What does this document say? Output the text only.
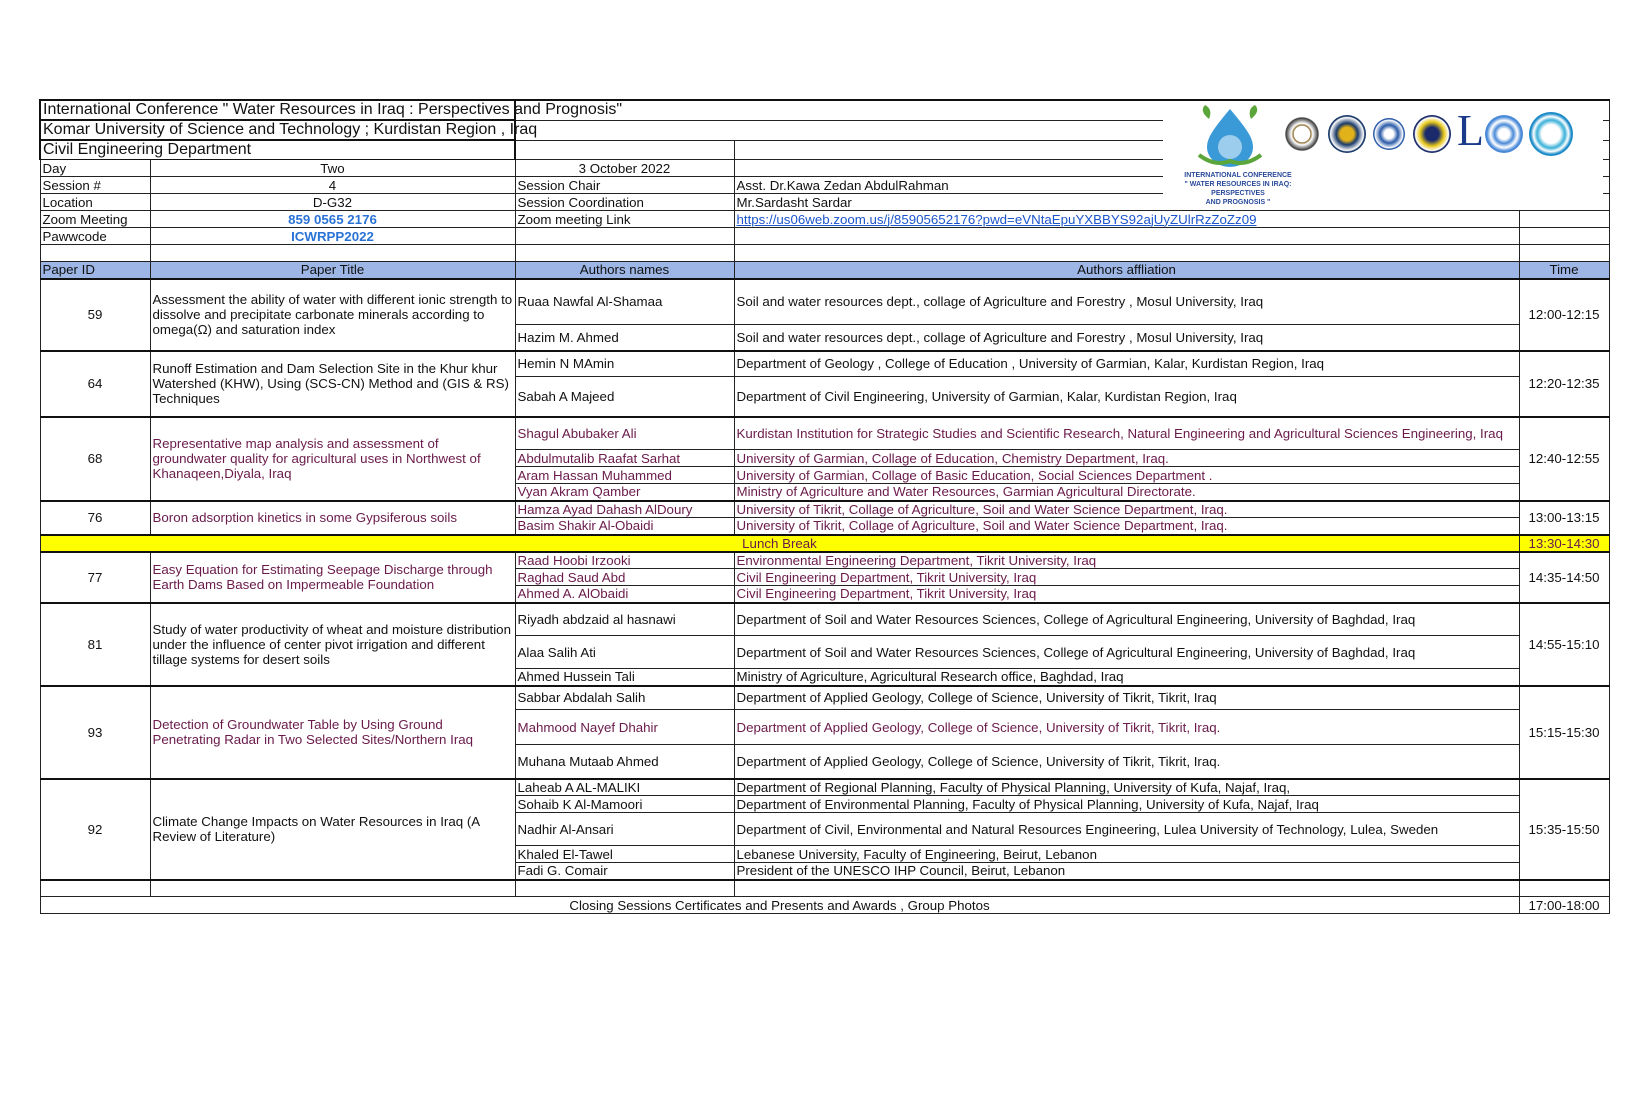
International Conference " Water Resources in Iraq : Perspectives and Prognosis"				
Komar University of Science and Technology ; Kurdistan Region , Iraq				
Civil Engineering Department				
Day	Two	3 October 2022		
Session #	4	Session Chair	Asst. Dr.Kawa Zedan AbdulRahman	
Location	D-G32	Session Coordination	Mr.Sardasht Sardar	
Zoom Meeting	859 0565 2176	Zoom meeting Link	https://us06web.zoom.us/j/85905652176?pwd=eVNtaEpuYXBBYS92ajUyZUlrRzZoZz09	
Pawwcode	ICWRPP2022			

Paper ID	Paper Title	Authors names	Authors affliation	Time
59	Assessment the ability of water with different ionic strength to dissolve and precipitate carbonate minerals according to omega(Ω) and saturation index	Ruaa Nawfal Al-Shamaa	Soil and water resources dept., collage of Agriculture and Forestry , Mosul University, Iraq	12:00-12:15
		Hazim M. Ahmed	Soil and water resources dept., collage of Agriculture and Forestry , Mosul University, Iraq	
64	Runoff Estimation and Dam Selection Site in the Khur khur Watershed (KHW), Using (SCS-CN) Method and (GIS & RS) Techniques	Hemin N MAmin	Department of Geology , College of Education , University of Garmian, Kalar, Kurdistan Region, Iraq	12:20-12:35
		Sabah A Majeed	Department of Civil Engineering, University of Garmian, Kalar, Kurdistan Region, Iraq	
68	Representative map analysis and assessment of groundwater quality for agricultural uses in Northwest of Khanaqeen,Diyala, Iraq	Shagul Abubaker Ali	Kurdistan Institution for Strategic Studies and Scientific Research, Natural Engineering and Agricultural Sciences Engineering, Iraq	12:40-12:55
		Abdulmutalib Raafat Sarhat	University of Garmian, Collage of Education, Chemistry Department, Iraq.	
		Aram Hassan Muhammed	University of Garmian, Collage of Basic Education, Social Sciences Department .	
		Vyan Akram Qamber	Ministry of Agriculture and Water Resources, Garmian Agricultural Directorate.	
76	Boron adsorption kinetics in some Gypsiferous soils	Hamza Ayad Dahash AlDoury	University of Tikrit, Collage of Agriculture, Soil and Water Science Department, Iraq.	13:00-13:15
		Basim Shakir Al-Obaidi	University of Tikrit, Collage of Agriculture, Soil and Water Science Department, Iraq.	
Lunch Break				13:30-14:30
77	Easy Equation for Estimating Seepage Discharge through Earth Dams Based on Impermeable Foundation	Raad Hoobi Irzooki	Environmental Engineering Department, Tikrit University, Iraq	14:35-14:50
		Raghad Saud Abd	Civil Engineering Department, Tikrit University, Iraq	
		Ahmed A. AlObaidi	Civil Engineering Department, Tikrit University, Iraq	
81	Study of water productivity of wheat and moisture distribution under the influence of center pivot irrigation and different tillage systems for desert soils	Riyadh abdzaid al hasnawi	Department of Soil and Water Resources Sciences, College of Agricultural Engineering, University of Baghdad, Iraq	14:55-15:10
		Alaa Salih Ati	Department of Soil and Water Resources Sciences, College of Agricultural Engineering, University of Baghdad, Iraq	
		Ahmed Hussein Tali	Ministry of Agriculture, Agricultural Research office, Baghdad, Iraq	
93	Detection of Groundwater Table by Using Ground Penetrating Radar in Two Selected Sites/Northern Iraq	Sabbar Abdalah Salih	Department of Applied Geology, College of Science, University of Tikrit, Tikrit, Iraq	15:15-15:30
		Mahmood Nayef Dhahir	Department of Applied Geology, College of Science, University of Tikrit, Tikrit, Iraq.	
		Muhana Mutaab Ahmed	Department of Applied Geology, College of Science, University of Tikrit, Tikrit, Iraq.	
92	Climate Change Impacts on Water Resources in Iraq (A Review of Literature)	Laheab A AL-MALIKI	Department of Regional Planning, Faculty of Physical Planning, University of Kufa, Najaf, Iraq,	15:35-15:50
		Sohaib K Al-Mamoori	Department of Environmental Planning, Faculty of Physical Planning, University of Kufa, Najaf, Iraq	
		Nadhir Al-Ansari	Department of Civil, Environmental and Natural Resources Engineering, Lulea University of Technology, Lulea, Sweden	
		Khaled El-Tawel	Lebanese University, Faculty of Engineering, Beirut, Lebanon	
		Fadi G. Comair	President of the UNESCO IHP Council, Beirut, Lebanon	

Closing Sessions Certificates and Presents and Awards , Group Photos				17:00-18:00
INTERNATIONAL CONFERENCE
" WATER RESOURCES IN IRAQ: PERSPECTIVES
AND PROGNOSIS "
L
